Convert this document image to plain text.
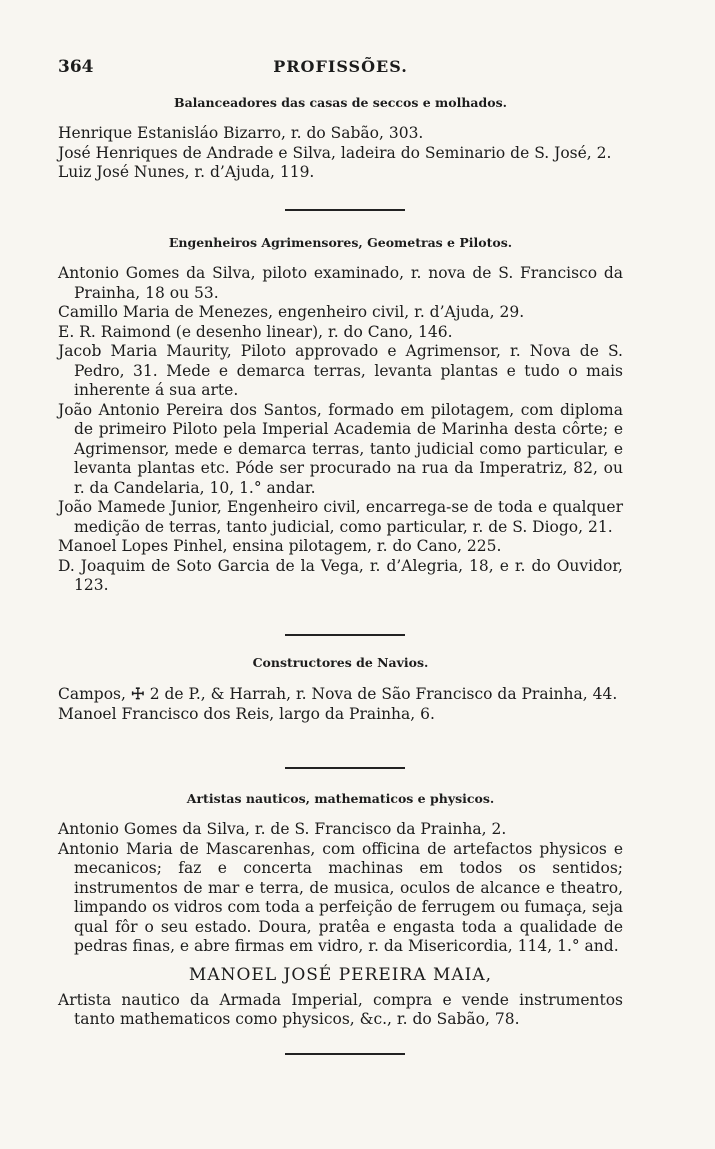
364	PROFISSÕES.
Balanceadores das casas de seccos e molhados.

Henrique Estanisláo Bizarro, r. do Sabão, 303.

José Henriques de Andrade e Silva, ladeira do Seminario de S. José, 2.

Luiz José Nunes, r. d’Ajuda, 119.

Engenheiros Agrimensores, Geometras e Pilotos.

Antonio Gomes da Silva, piloto examinado, r. nova de S. Francisco da Prainha, 18 ou 53.

Camillo Maria de Menezes, engenheiro civil, r. d’Ajuda, 29.

E. R. Raimond (e desenho linear), r. do Cano, 146.

Jacob Maria Maurity, Piloto approvado e Agrimensor, r. Nova de S. Pedro, 31. Mede e demarca terras, levanta plantas e tudo o mais inherente á sua arte.

João Antonio Pereira dos Santos, formado em pilotagem, com diploma de primeiro Piloto pela Imperial Academia de Marinha desta côrte; e Agrimensor, mede e demarca terras, tanto judicial como particular, e levanta plantas etc. Póde ser procurado na rua da Imperatriz, 82, ou r. da Candelaria, 10, 1.° andar.

João Mamede Junior, Engenheiro civil, encarrega-se de toda e qualquer medição de terras, tanto judicial, como particular, r. de S. Diogo, 21.

Manoel Lopes Pinhel, ensina pilotagem, r. do Cano, 225.

D. Joaquim de Soto Garcia de la Vega, r. d’Alegria, 18, e r. do Ouvidor, 123.

Constructores de Navios.

Campos, ☩ 2 de P., & Harrah, r. Nova de São Francisco da Prainha, 44.

Manoel Francisco dos Reis, largo da Prainha, 6.

Artistas nauticos, mathematicos e physicos.

Antonio Gomes da Silva, r. de S. Francisco da Prainha, 2.

Antonio Maria de Mascarenhas, com officina de artefactos physicos e mecanicos; faz e concerta machinas em todos os sentidos; instrumentos de mar e terra, de musica, oculos de alcance e theatro, limpando os vidros com toda a perfeição de ferrugem ou fumaça, seja qual fôr o seu estado. Doura, pratêa e engasta toda a qualidade de pedras finas, e abre firmas em vidro, r. da Misericordia, 114, 1.° and.

MANOEL JOSÉ PEREIRA MAIA,

Artista nautico da Armada Imperial, compra e vende instrumentos tanto mathematicos como physicos, &c., r. do Sabão, 78.
